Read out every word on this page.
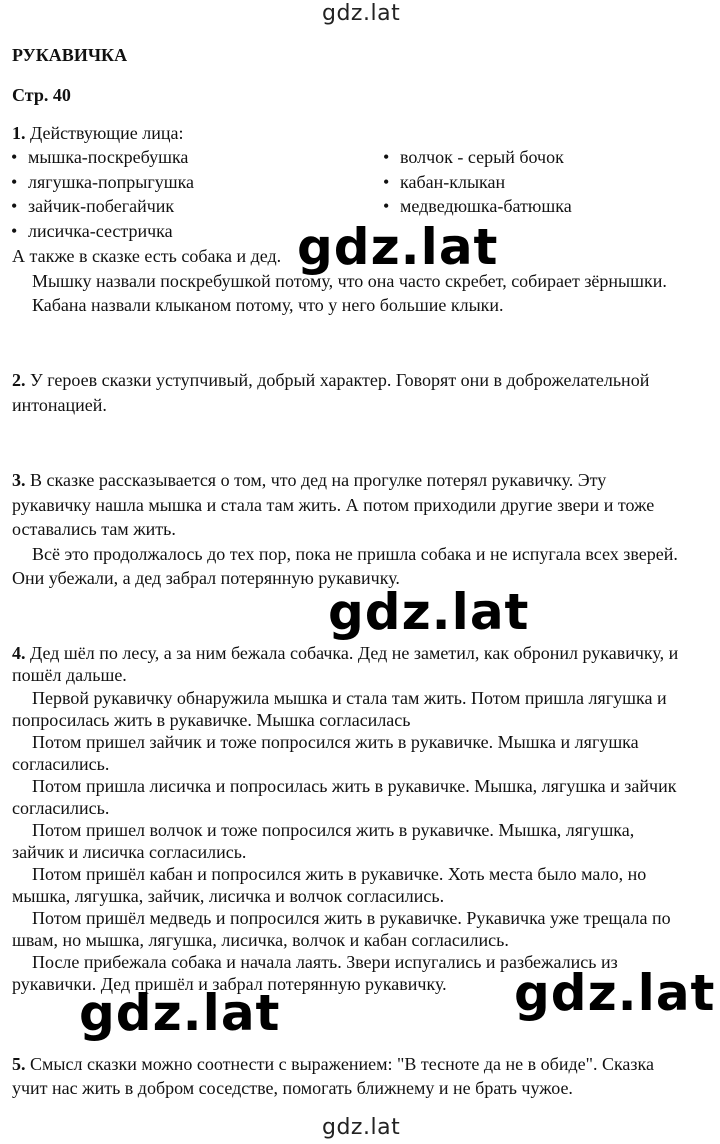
gdz.lat
gdz.lat
РУКАВИЧКА
Стр. 40
1. Действующие лица:
• мышка-поскребушка
• лягушка-попрыгушка
• зайчик-побегайчик
• лисичка-сестричка
• волчок - серый бочок
• кабан-клыкан
• медведюшка-батюшка
А также в сказке есть собака и дед.
Мышку назвали поскребушкой потому, что она часто скребет, собирает зёрнышки.
Кабана назвали клыканом потому, что у него большие клыки.
2. У героев сказки уступчивый, добрый характер. Говорят они в доброжелательной
интонацией.
3. В сказке рассказывается о том, что дед на прогулке потерял рукавичку. Эту
рукавичку нашла мышка и стала там жить. А потом приходили другие звери и тоже
оставались там жить.
Всё это продолжалось до тех пор, пока не пришла собака и не испугала всех зверей.
Они убежали, а дед забрал потерянную рукавичку.
4. Дед шёл по лесу, а за ним бежала собачка. Дед не заметил, как обронил рукавичку, и
пошёл дальше.
Первой рукавичку обнаружила мышка и стала там жить. Потом пришла лягушка и
попросилась жить в рукавичке. Мышка согласилась
Потом пришел зайчик и тоже попросился жить в рукавичке. Мышка и лягушка
согласились.
Потом пришла лисичка и попросилась жить в рукавичке. Мышка, лягушка и зайчик
согласились.
Потом пришел волчок и тоже попросился жить в рукавичке. Мышка, лягушка,
зайчик и лисичка согласились.
Потом пришёл кабан и попросился жить в рукавичке. Хоть места было мало, но
мышка, лягушка, зайчик, лисичка и волчок согласились.
Потом пришёл медведь и попросился жить в рукавичке. Рукавичка уже трещала по
швам, но мышка, лягушка, лисичка, волчок и кабан согласились.
После прибежала собака и начала лаять. Звери испугались и разбежались из
рукавички. Дед пришёл и забрал потерянную рукавичку.
5. Смысл сказки можно соотнести с выражением: "В тесноте да не в обиде". Сказка
учит нас жить в добром соседстве, помогать ближнему и не брать чужое.
gdz.lat
gdz.lat
gdz.lat	gdz.lat
